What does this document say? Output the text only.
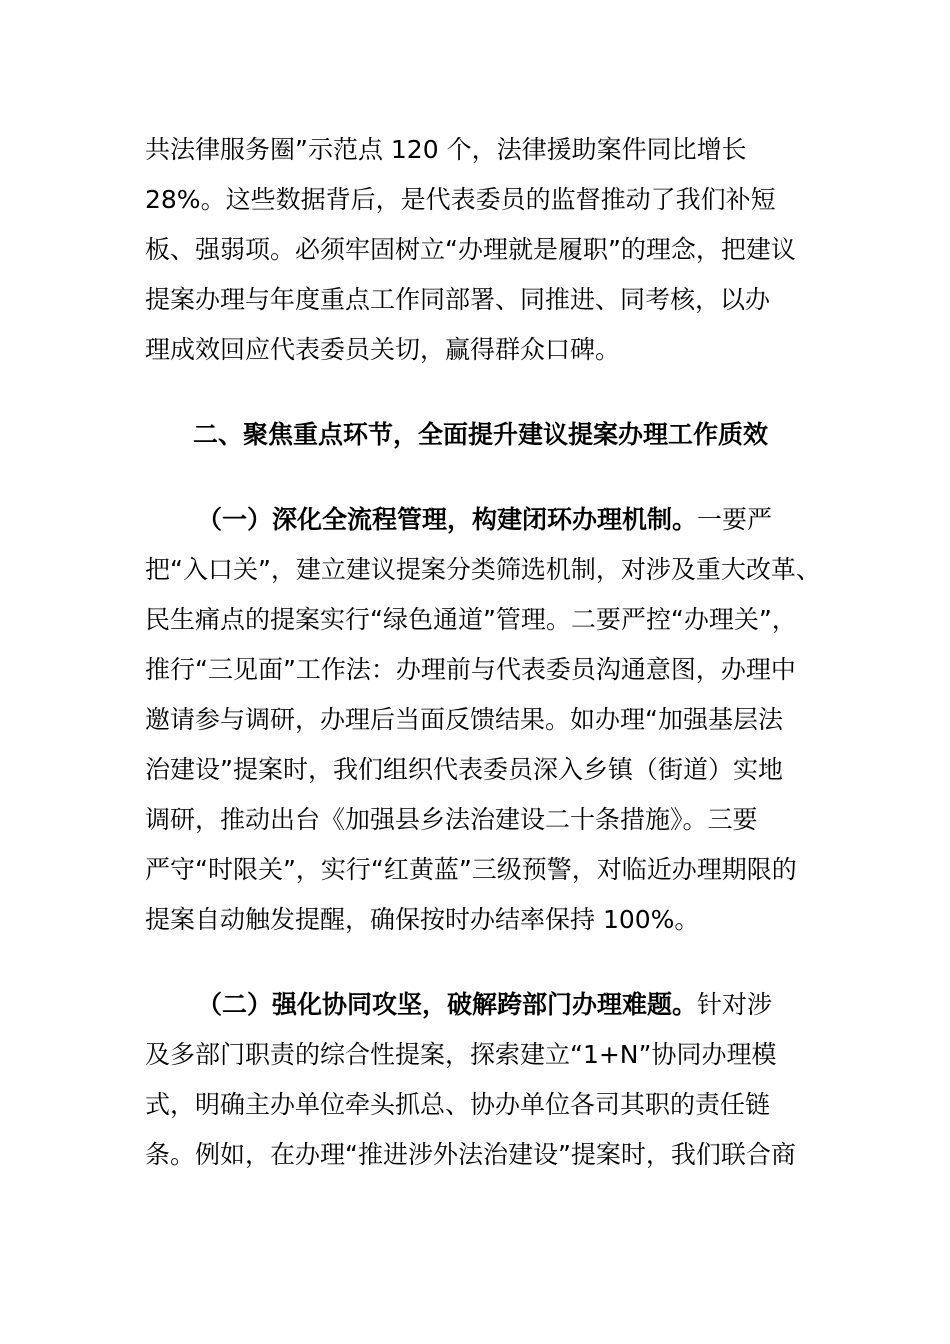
共法律服务圈”示范点 120 个，法律援助案件同比增长
28%。这些数据背后，是代表委员的监督推动了我们补短
板、强弱项。必须牢固树立“办理就是履职”的理念，把建议
提案办理与年度重点工作同部署、同推进、同考核，以办
理成效回应代表委员关切，赢得群众口碑。
二、聚焦重点环节，全面提升建议提案办理工作质效
（一）深化全流程管理，构建闭环办理机制。一要严
把“入口关”，建立建议提案分类筛选机制，对涉及重大改革、
民生痛点的提案实行“绿色通道”管理。二要严控“办理关”，
推行“三见面”工作法：办理前与代表委员沟通意图，办理中
邀请参与调研，办理后当面反馈结果。如办理“加强基层法
治建设”提案时，我们组织代表委员深入乡镇（街道）实地
调研，推动出台《加强县乡法治建设二十条措施》。三要
严守“时限关”，实行“红黄蓝”三级预警，对临近办理期限的
提案自动触发提醒，确保按时办结率保持 100%。
（二）强化协同攻坚，破解跨部门办理难题。针对涉
及多部门职责的综合性提案，探索建立“1+N”协同办理模
式，明确主办单位牵头抓总、协办单位各司其职的责任链
条。例如，在办理“推进涉外法治建设”提案时，我们联合商
